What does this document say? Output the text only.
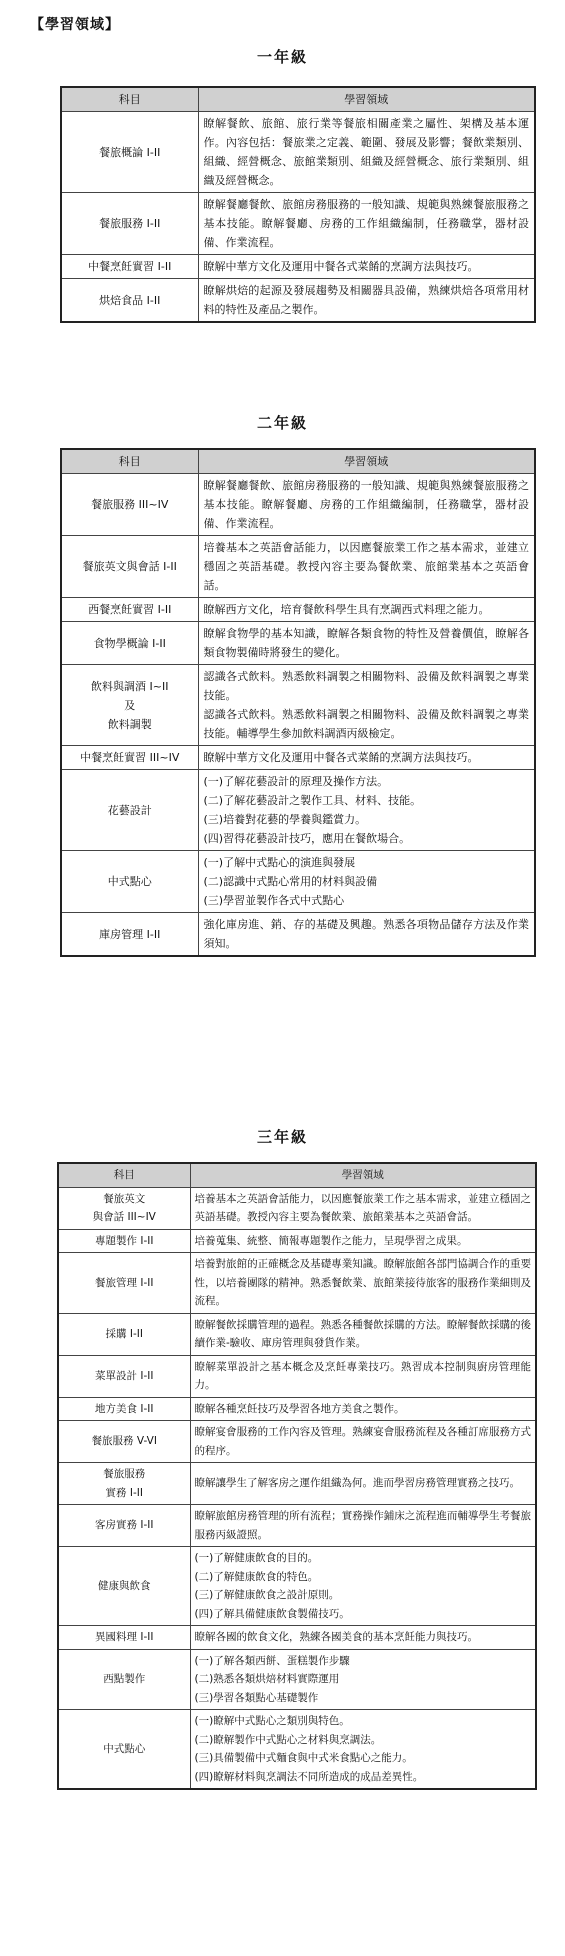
【學習領域】
一年級
科目	學習領域

餐旅概論 I-II	瞭解餐飲、旅館、旅行業等餐旅相關產業之屬性、架構及基本運作。內容包括：餐旅業之定義、範圍、發展及影響；餐飲業類別、組織、經營概念、旅館業類別、組織及經營概念、旅行業類別、組織及經營概念。

餐旅服務 I-II	瞭解餐廳餐飲、旅館房務服務的一般知識、規範與熟練餐旅服務之基本技能。瞭解餐廳、房務的工作組織編制，任務職掌，器材設備、作業流程。

中餐烹飪實習 I-II	瞭解中華方文化及運用中餐各式菜餚的烹調方法與技巧。

烘焙食品 I-II	瞭解烘焙的起源及發展趨勢及相關器具設備，熟練烘焙各項常用材料的特性及產品之製作。
二年級
科目	學習領域

餐旅服務 III~IV	瞭解餐廳餐飲、旅館房務服務的一般知識、規範與熟練餐旅服務之基本技能。瞭解餐廳、房務的工作組織編制，任務職掌，器材設備、作業流程。

餐旅英文與會話 I-II	培養基本之英語會話能力，以因應餐旅業工作之基本需求，並建立穩固之英語基礎。教授內容主要為餐飲業、旅館業基本之英語會話。

西餐烹飪實習 I-II	瞭解西方文化，培育餐飲科學生具有烹調西式料理之能力。

食物學概論 I-II	瞭解食物學的基本知識，瞭解各類食物的特性及營養價值，瞭解各類食物製備時將發生的變化。

飲料與調酒 I~II
及
飲料調製	認識各式飲料。熟悉飲料調製之相關物料、設備及飲料調製之專業技能。
認識各式飲料。熟悉飲料調製之相關物料、設備及飲料調製之專業技能。輔導學生參加飲料調酒丙級檢定。

中餐烹飪實習 III~IV	瞭解中華方文化及運用中餐各式菜餚的烹調方法與技巧。

花藝設計	(一)了解花藝設計的原理及操作方法。
(二)了解花藝設計之製作工具、材料、技能。
(三)培養對花藝的學養與鑑賞力。
(四)習得花藝設計技巧，應用在餐飲場合。

中式點心	(一)了解中式點心的演進與發展
(二)認識中式點心常用的材料與設備
(三)學習並製作各式中式點心

庫房管理 I-II	強化庫房進、銷、存的基礎及興趣。熟悉各項物品儲存方法及作業須知。
三年級
科目	學習領域

餐旅英文
與會話 III~IV	培養基本之英語會話能力，以因應餐旅業工作之基本需求，並建立穩固之英語基礎。教授內容主要為餐飲業、旅館業基本之英語會話。

專題製作 I-II	培養蒐集、統整、簡報專題製作之能力，呈現學習之成果。

餐旅管理 I-II	培養對旅館的正確概念及基礎專業知識。瞭解旅館各部門協調合作的重要性，以培養團隊的精神。熟悉餐飲業、旅館業接待旅客的服務作業細則及流程。

採購 I-II	瞭解餐飲採購管理的過程。熟悉各種餐飲採購的方法。瞭解餐飲採購的後續作業-驗收、庫房管理與發貨作業。

菜單設計 I-II	瞭解菜單設計之基本概念及烹飪專業技巧。熟習成本控制與廚房管理能力。

地方美食 I-II	瞭解各種烹飪技巧及學習各地方美食之製作。

餐旅服務 V-VI	瞭解宴會服務的工作內容及管理。熟練宴會服務流程及各種訂席服務方式的程序。

餐旅服務
實務 I-II	瞭解讓學生了解客房之運作組織為何。進而學習房務管理實務之技巧。

客房實務 I-II	瞭解旅館房務管理的所有流程；實務操作鋪床之流程進而輔導學生考餐旅服務丙級證照。

健康與飲食	(一)了解健康飲食的目的。
(二)了解健康飲食的特色。
(三)了解健康飲食之設計原則。
(四)了解具備健康飲食製備技巧。

異國料理 I-II	瞭解各國的飲食文化，熟練各國美食的基本烹飪能力與技巧。

西點製作	(一)了解各類西餅、蛋糕製作步驟
(二)熟悉各類烘焙材料實際運用
(三)學習各類點心基礎製作

中式點心	(一)瞭解中式點心之類別與特色。
(二)瞭解製作中式點心之材料與烹調法。
(三)具備製備中式麵食與中式米食點心之能力。
(四)瞭解材料與烹調法不同所造成的成品差異性。
